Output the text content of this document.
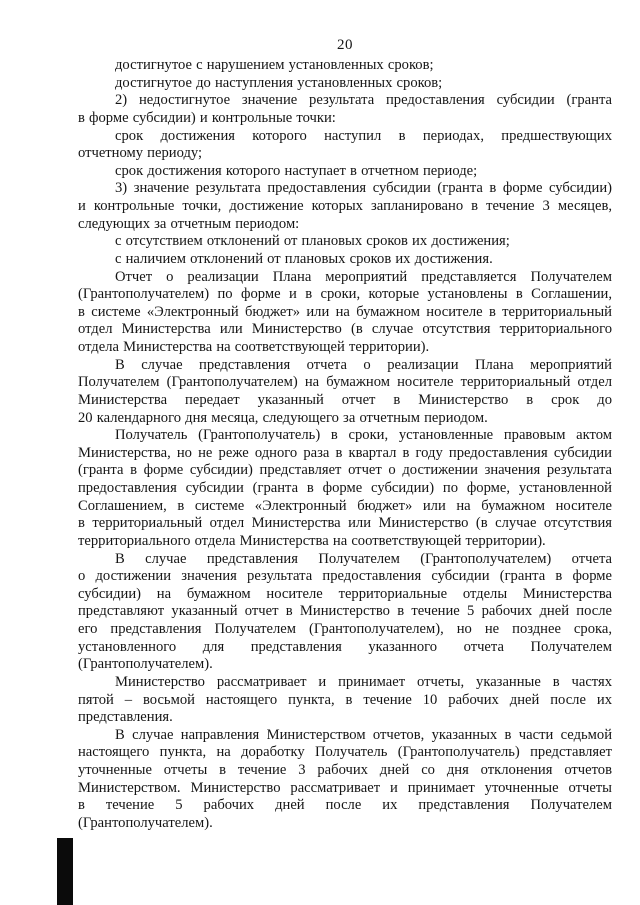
20
достигнутое с нарушением установленных сроков;
достигнутое до наступления установленных сроков;
2) недостигнутое значение результата предоставления субсидии (гранта
в форме субсидии) и контрольные точки:
срок достижения которого наступил в периодах, предшествующих
отчетному периоду;
срок достижения которого наступает в отчетном периоде;
3) значение результата предоставления субсидии (гранта в форме субсидии)
и контрольные точки, достижение которых запланировано в течение 3 месяцев,
следующих за отчетным периодом:
с отсутствием отклонений от плановых сроков их достижения;
с наличием отклонений от плановых сроков их достижения.
Отчет о реализации Плана мероприятий представляется Получателем
(Грантополучателем) по форме и в сроки, которые установлены в Соглашении,
в системе «Электронный бюджет» или на бумажном носителе в территориальный
отдел Министерства или Министерство (в случае отсутствия территориального
отдела Министерства на соответствующей территории).
В случае представления отчета о реализации Плана мероприятий
Получателем (Грантополучателем) на бумажном носителе территориальный отдел
Министерства передает указанный отчет в Министерство в срок до
20 календарного дня месяца, следующего за отчетным периодом.
Получатель (Грантополучатель) в сроки, установленные правовым актом
Министерства, но не реже одного раза в квартал в году предоставления субсидии
(гранта в форме субсидии) представляет отчет о достижении значения результата
предоставления субсидии (гранта в форме субсидии) по форме, установленной
Соглашением, в системе «Электронный бюджет» или на бумажном носителе
в территориальный отдел Министерства или Министерство (в случае отсутствия
территориального отдела Министерства на соответствующей территории).
В случае представления Получателем (Грантополучателем) отчета
о достижении значения результата предоставления субсидии (гранта в форме
субсидии) на бумажном носителе территориальные отделы Министерства
представляют указанный отчет в Министерство в течение 5 рабочих дней после
его представления Получателем (Грантополучателем), но не позднее срока,
установленного для представления указанного отчета Получателем
(Грантополучателем).
Министерство рассматривает и принимает отчеты, указанные в частях
пятой – восьмой настоящего пункта, в течение 10 рабочих дней после их
представления.
В случае направления Министерством отчетов, указанных в части седьмой
настоящего пункта, на доработку Получатель (Грантополучатель) представляет
уточненные отчеты в течение 3 рабочих дней со дня отклонения отчетов
Министерством. Министерство рассматривает и принимает уточненные отчеты
в течение 5 рабочих дней после их представления Получателем
(Грантополучателем).
